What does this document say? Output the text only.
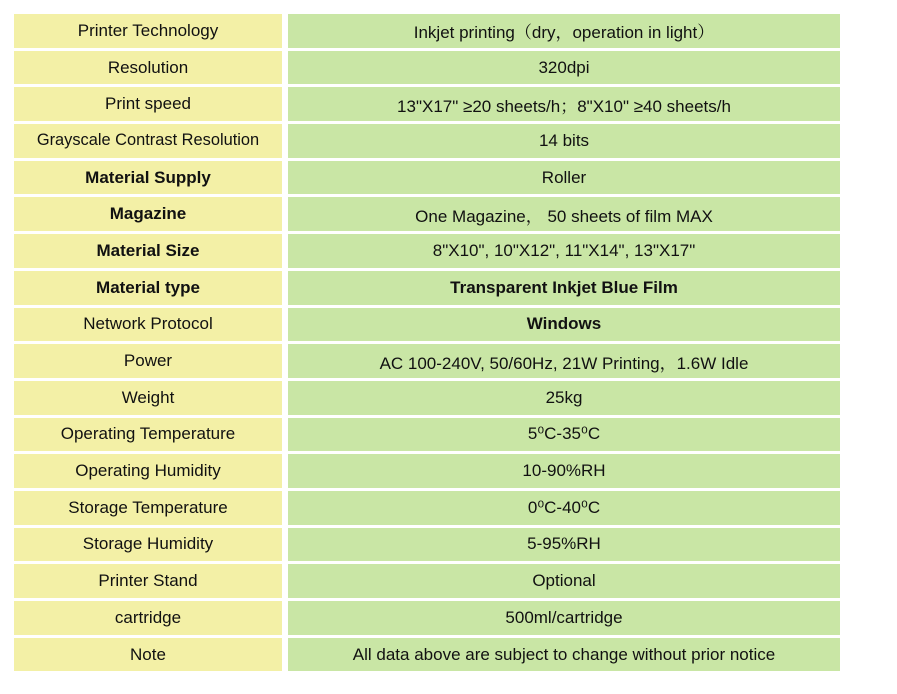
Printer Technology	Inkjet printing（dry，operation in light）
Resolution	320dpi
Print speed	13"X17" ≥20 sheets/h；8"X10" ≥40 sheets/h
Grayscale Contrast Resolution	14 bits
Material Supply	Roller
Magazine	One Magazine， 50 sheets of film MAX
Material Size	8"X10", 10"X12", 11"X14", 13"X17"
Material type	Transparent Inkjet Blue Film
Network Protocol	Windows
Power	AC 100-240V, 50/60Hz, 21W Printing，1.6W Idle
Weight	25kg
Operating Temperature	5⁰C-35⁰C
Operating Humidity	10-90%RH
Storage Temperature	0⁰C-40⁰C
Storage Humidity	5-95%RH
Printer Stand	Optional
cartridge	500ml/cartridge
Note	All data above are subject to change without prior notice
